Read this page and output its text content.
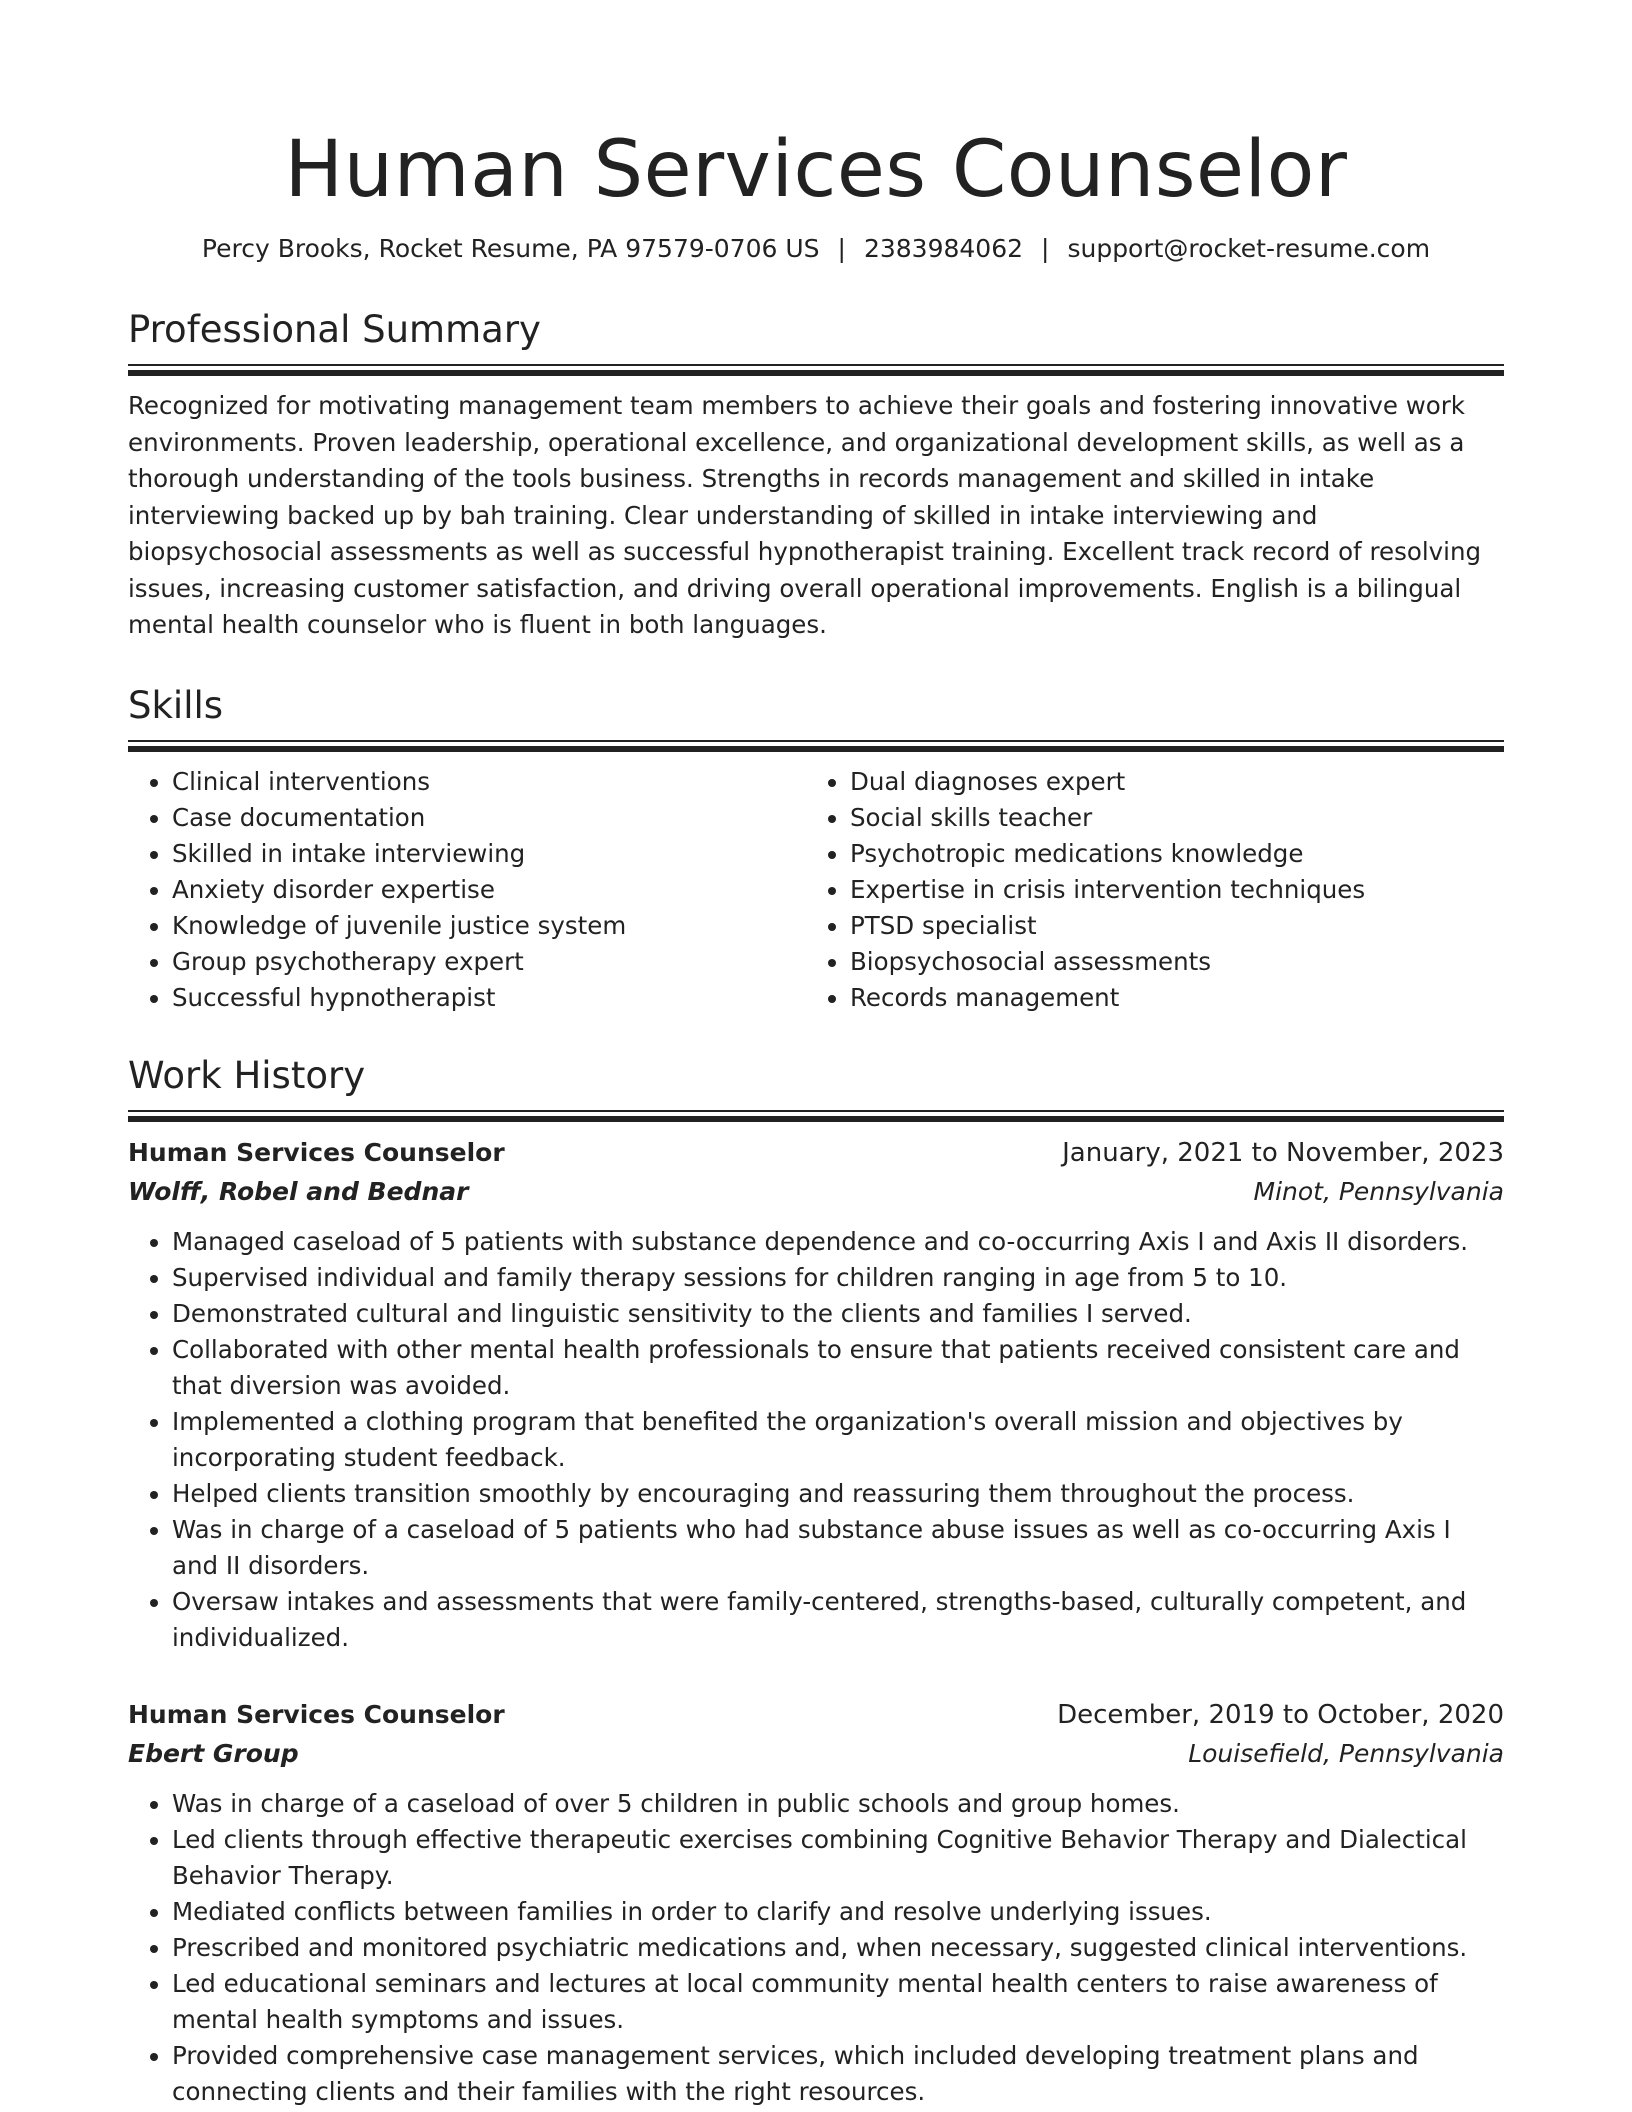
Human Services Counselor
Percy Brooks, Rocket Resume, PA 97579-0706 US | 2383984062 | support@rocket-resume.com
Professional Summary

Recognized for motivating management team members to achieve their goals and fostering innovative work environments. Proven leadership, operational excellence, and organizational development skills, as well as a thorough understanding of the tools business. Strengths in records management and skilled in intake interviewing backed up by bah training. Clear understanding of skilled in intake interviewing and biopsychosocial assessments as well as successful hypnotherapist training. Excellent track record of resolving issues, increasing customer satisfaction, and driving overall operational improvements. English is a bilingual mental health counselor who is fluent in both languages.

Skills
• Clinical interventions
• Case documentation
• Skilled in intake interviewing
• Anxiety disorder expertise
• Knowledge of juvenile justice system
• Group psychotherapy expert
• Successful hypnotherapist
• Dual diagnoses expert
• Social skills teacher
• Psychotropic medications knowledge
• Expertise in crisis intervention techniques
• PTSD specialist
• Biopsychosocial assessments
• Records management
Work History
Human Services Counselor	January, 2021 to November, 2023
Wolff, Robel and Bednar	Minot, Pennsylvania
• Managed caseload of 5 patients with substance dependence and co-occurring Axis I and Axis II disorders.
• Supervised individual and family therapy sessions for children ranging in age from 5 to 10.
• Demonstrated cultural and linguistic sensitivity to the clients and families I served.
• Collaborated with other mental health professionals to ensure that patients received consistent care and that diversion was avoided.
• Implemented a clothing program that benefited the organization's overall mission and objectives by incorporating student feedback.
• Helped clients transition smoothly by encouraging and reassuring them throughout the process.
• Was in charge of a caseload of 5 patients who had substance abuse issues as well as co-occurring Axis I and II disorders.
• Oversaw intakes and assessments that were family-centered, strengths-based, culturally competent, and individualized.
Human Services Counselor	December, 2019 to October, 2020
Ebert Group	Louisefield, Pennsylvania
• Was in charge of a caseload of over 5 children in public schools and group homes.
• Led clients through effective therapeutic exercises combining Cognitive Behavior Therapy and Dialectical Behavior Therapy.
• Mediated conflicts between families in order to clarify and resolve underlying issues.
• Prescribed and monitored psychiatric medications and, when necessary, suggested clinical interventions.
• Led educational seminars and lectures at local community mental health centers to raise awareness of mental health symptoms and issues.
• Provided comprehensive case management services, which included developing treatment plans and connecting clients and their families with the right resources.
